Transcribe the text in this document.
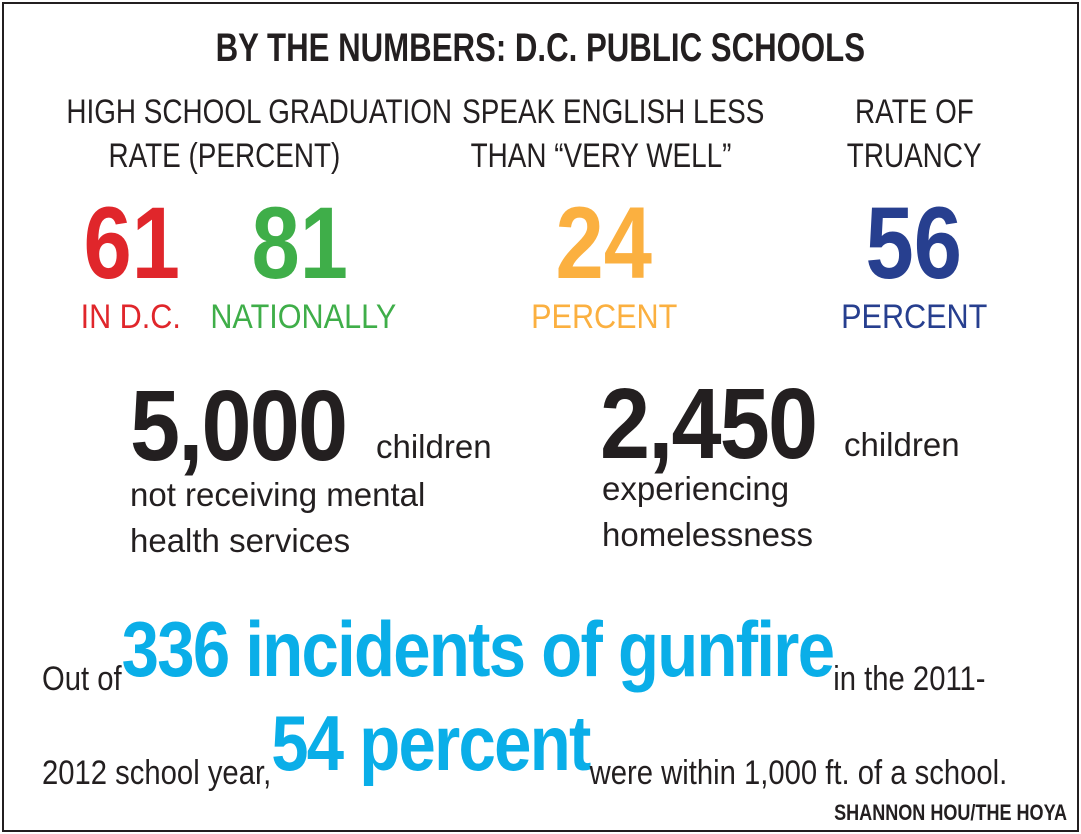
BY THE NUMBERS: D.C. PUBLIC SCHOOLS
HIGH SCHOOL GRADUATION
RATE (PERCENT)
61 81
IN D.C. NATIONALLY
SPEAK ENGLISH LESS
THAN “VERY WELL”
24
PERCENT
RATE OF
TRUANCY
56
PERCENT
5,000 children
not receiving mental
health services
2,450 children
experiencing
homelessness
Out of336 incidents of gunfirein the 2011-
2012 school year,54 percentwere within 1,000 ft. of a school.
SHANNON HOU/THE HOYA
